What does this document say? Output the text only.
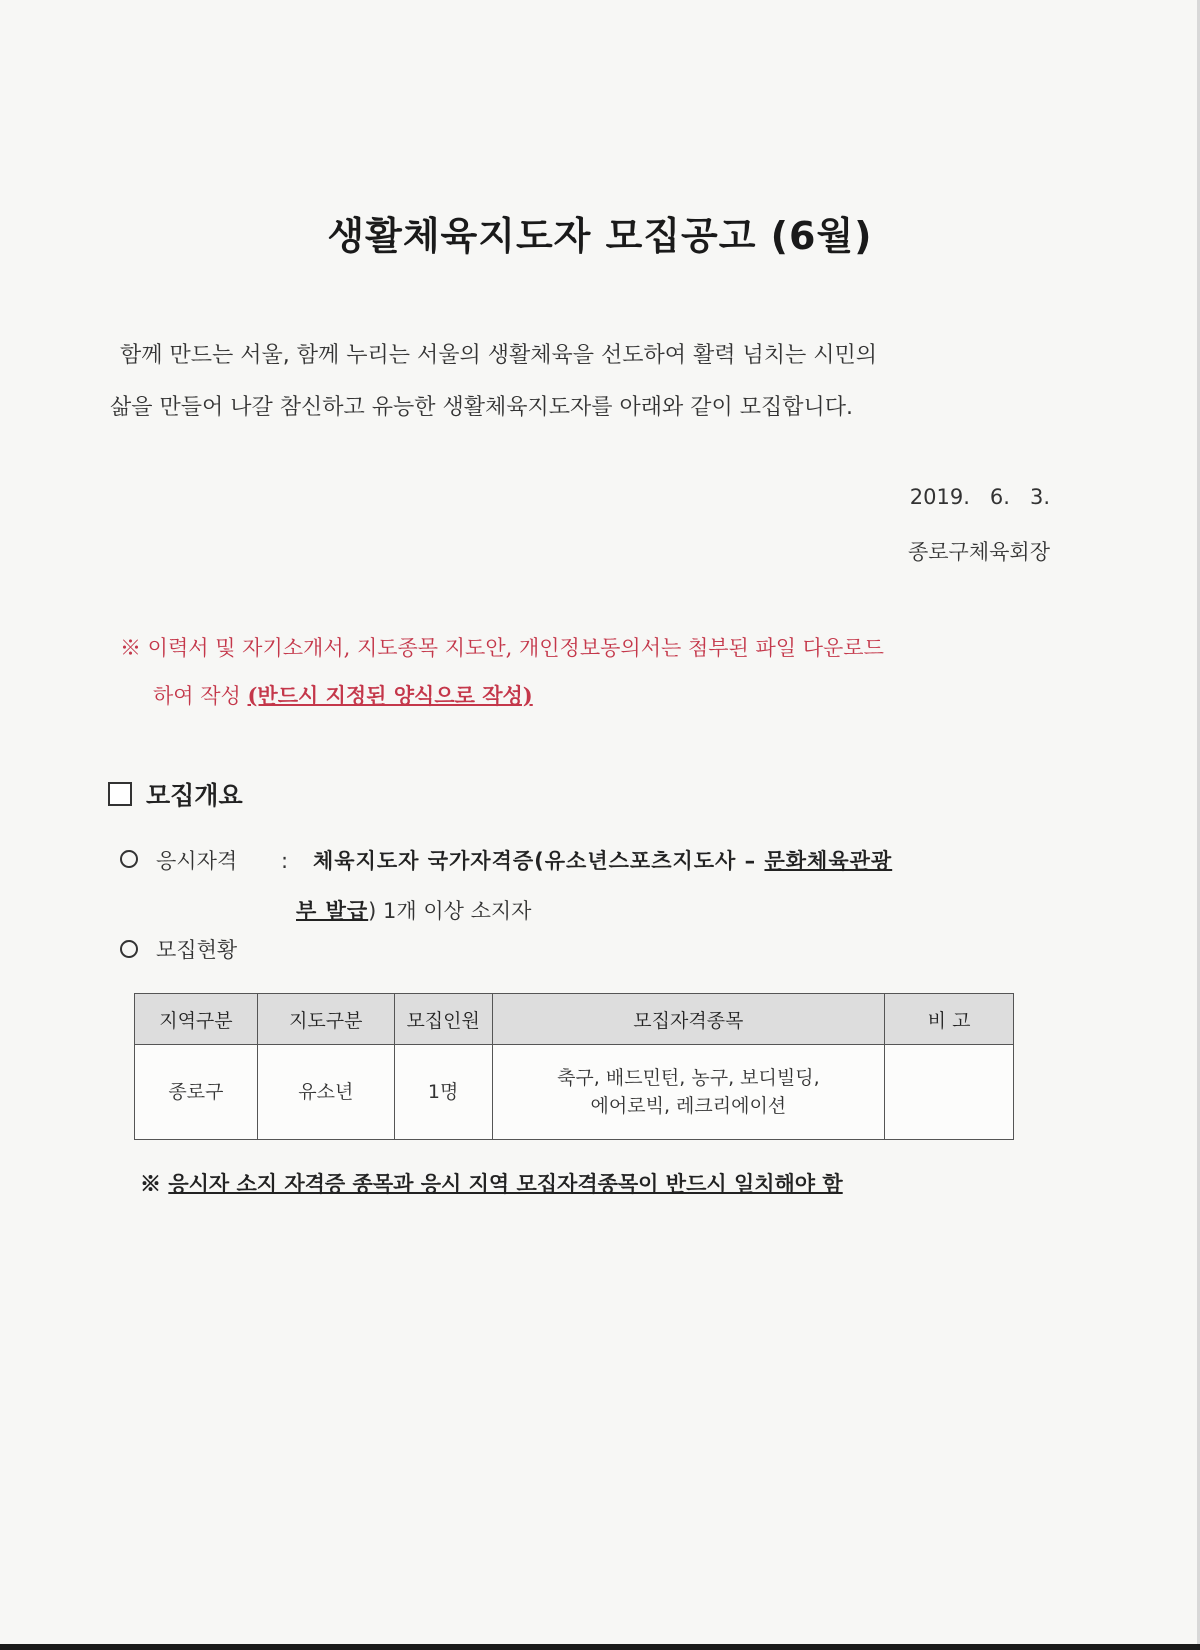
생활체육지도자 모집공고 (6월)
함께 만드는 서울, 함께 누리는 서울의 생활체육을 선도하여 활력 넘치는 시민의
삶을 만들어 나갈 참신하고 유능한 생활체육지도자를 아래와 같이 모집합니다.
2019.   6.   3.
종로구체육회장
※ 이력서 및 자기소개서, 지도종목 지도안, 개인정보동의서는 첨부된 파일 다운로드
하여 작성 (반드시 지정된 양식으로 작성)
모집개요
응시자격	:	체육지도자 국가자격증(유소년스포츠지도사 – 문화체육관광
부 발급) 1개 이상 소지자
모집현황
지역구분	지도구분	모집인원	모집자격종목	비 고
종로구	유소년	1명	축구, 배드민턴, 농구, 보디빌딩,
에어로빅, 레크리에이션	

※ 응시자 소지 자격증 종목과 응시 지역 모집자격종목이 반드시 일치해야 함
